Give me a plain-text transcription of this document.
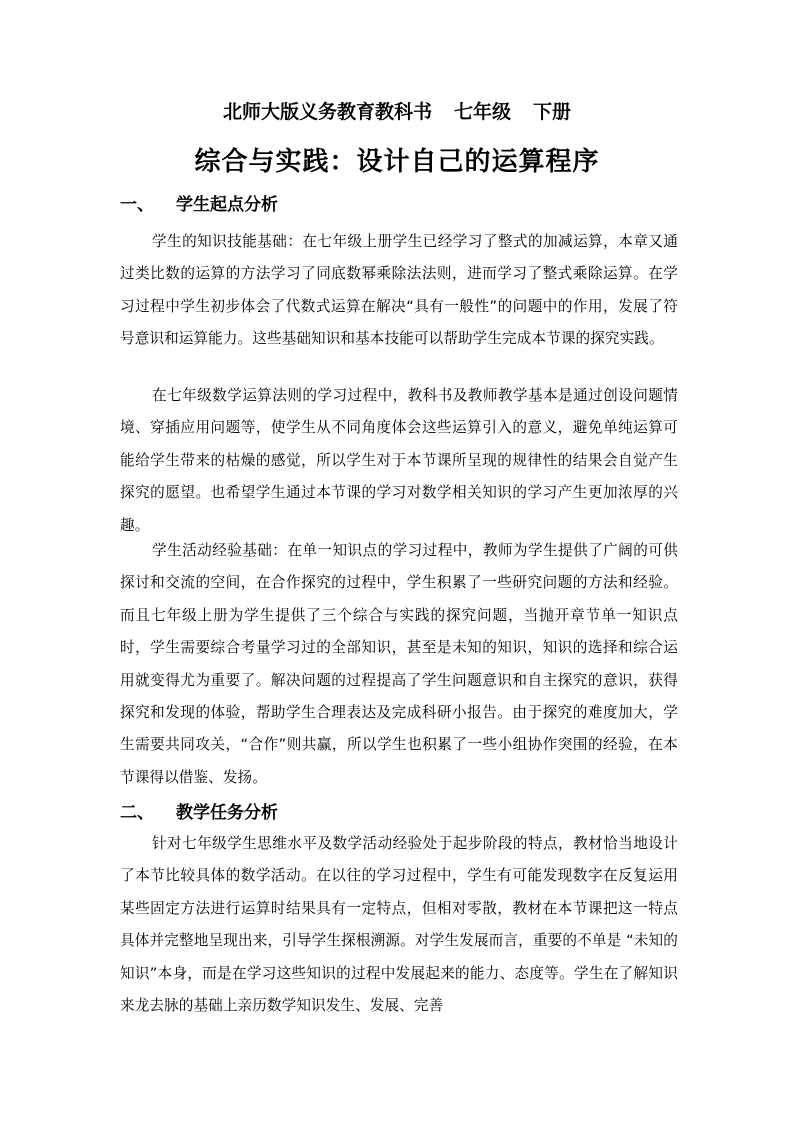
北师大版义务教育教科书 七年级 下册
综合与实践：设计自己的运算程序
一、 学生起点分析

学生的知识技能基础：在七年级上册学生已经学习了整式的加减运算，本章又通过类比数的运算的方法学习了同底数幂乘除法法则，进而学习了整式乘除运算。在学习过程中学生初步体会了代数式运算在解决“具有一般性”的问题中的作用，发展了符号意识和运算能力。这些基础知识和基本技能可以帮助学生完成本节课的探究实践。

在七年级数学运算法则的学习过程中，教科书及教师教学基本是通过创设问题情境、穿插应用问题等，使学生从不同角度体会这些运算引入的意义，避免单纯运算可能给学生带来的枯燥的感觉，所以学生对于本节课所呈现的规律性的结果会自觉产生探究的愿望。也希望学生通过本节课的学习对数学相关知识的学习产生更加浓厚的兴趣。

学生活动经验基础：在单一知识点的学习过程中，教师为学生提供了广阔的可供探讨和交流的空间，在合作探究的过程中，学生积累了一些研究问题的方法和经验。而且七年级上册为学生提供了三个综合与实践的探究问题，当抛开章节单一知识点时，学生需要综合考量学习过的全部知识，甚至是未知的知识，知识的选择和综合运用就变得尤为重要了。解决问题的过程提高了学生问题意识和自主探究的意识，获得探究和发现的体验，帮助学生合理表达及完成科研小报告。由于探究的难度加大，学生需要共同攻关，“合作”则共赢，所以学生也积累了一些小组协作突围的经验，在本节课得以借鉴、发扬。

二、 教学任务分析

针对七年级学生思维水平及数学活动经验处于起步阶段的特点，教材恰当地设计了本节比较具体的数学活动。在以往的学习过程中，学生有可能发现数字在反复运用某些固定方法进行运算时结果具有一定特点，但相对零散，教材在本节课把这一特点具体并完整地呈现出来，引导学生探根溯源。对学生发展而言，重要的不单是 “未知的知识”本身，而是在学习这些知识的过程中发展起来的能力、态度等。学生在了解知识来龙去脉的基础上亲历数学知识发生、发展、完善
